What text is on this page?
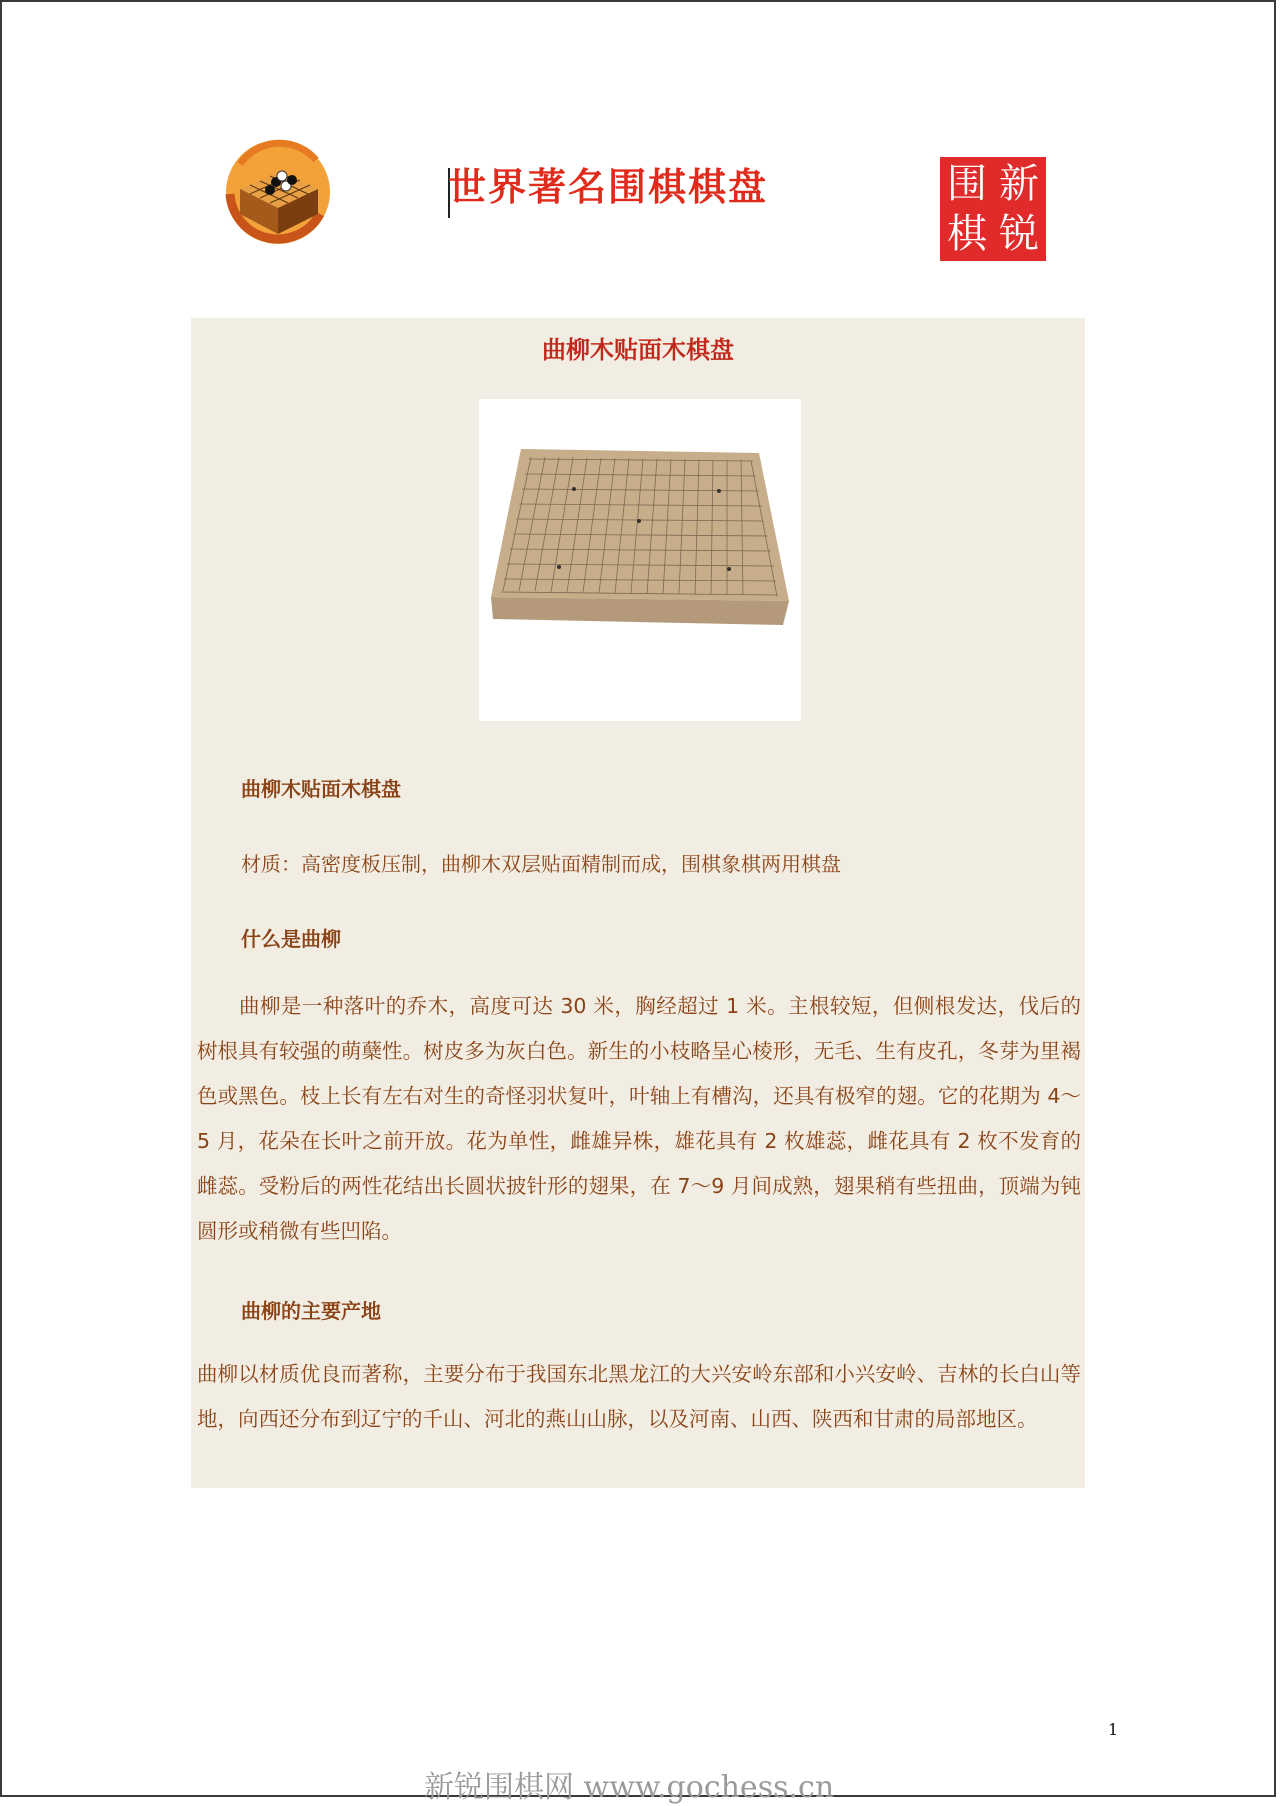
世界著名围棋棋盘	新
锐
围
棋
曲柳木贴面木棋盘
曲柳木贴面木棋盘
材质：高密度板压制，曲柳木双层贴面精制而成，围棋象棋两用棋盘
什么是曲柳

曲柳是一种落叶的乔木，高度可达 30 米，胸经超过 1 米。主根较短，但侧根发达，伐后的树根具有较强的萌蘖性。树皮多为灰白色。新生的小枝略呈心棱形，无毛、生有皮孔，冬芽为里褐色或黑色。枝上长有左右对生的奇怪羽状复叶，叶轴上有槽沟，还具有极窄的翅。它的花期为 4～5 月，花朵在长叶之前开放。花为单性，雌雄异株，雄花具有 2 枚雄蕊，雌花具有 2 枚不发育的雌蕊。受粉后的两性花结出长圆状披针形的翅果，在 7～9 月间成熟，翅果稍有些扭曲，顶端为钝圆形或稍微有些凹陷。

曲柳的主要产地

曲柳以材质优良而著称，主要分布于我国东北黑龙江的大兴安岭东部和小兴安岭、吉林的长白山等地，向西还分布到辽宁的千山、河北的燕山山脉，以及河南、山西、陕西和甘肃的局部地区。

1
新锐围棋网 www.gochess.cn
